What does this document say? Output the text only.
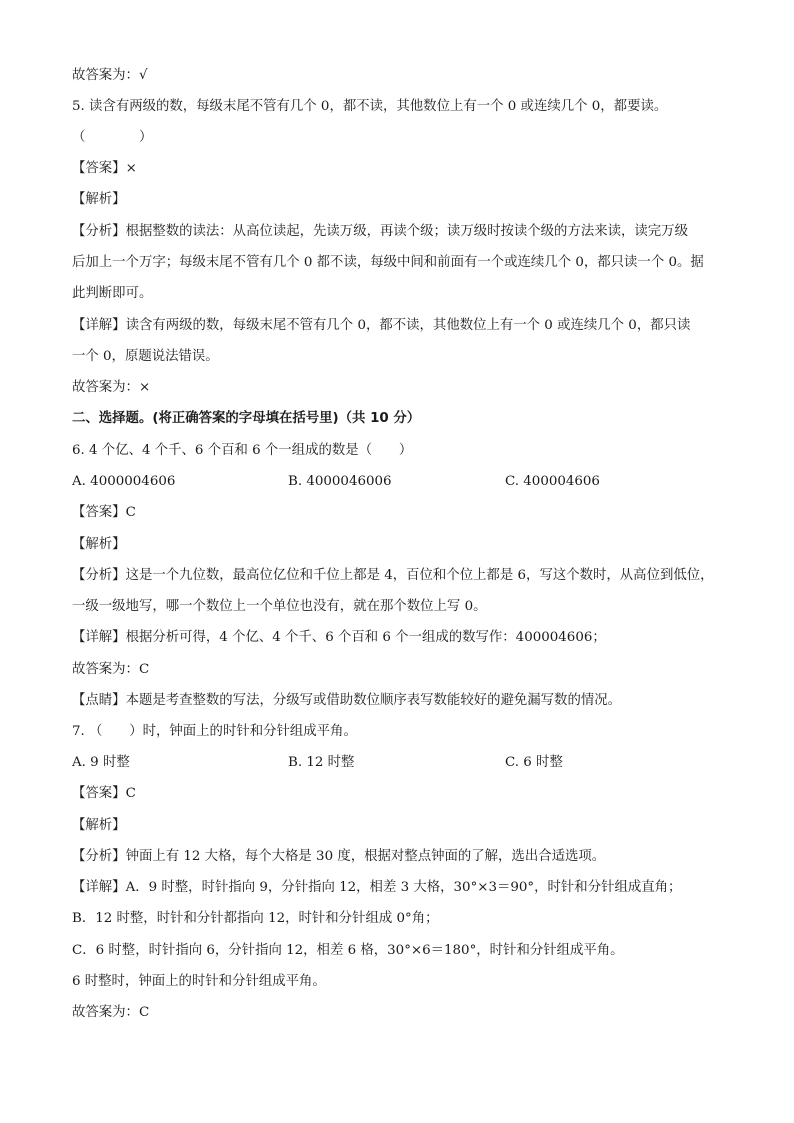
故答案为：√

5. 读含有两级的数，每级末尾不管有几个 0，都不读，其他数位上有一个 0 或连续几个 0，都要读。

（　　　　）

【答案】×

【解析】

【分析】根据整数的读法：从高位读起，先读万级，再读个级；读万级时按读个级的方法来读，读完万级

后加上一个万字；每级末尾不管有几个 0 都不读，每级中间和前面有一个或连续几个 0，都只读一个 0。据

此判断即可。

【详解】读含有两级的数，每级末尾不管有几个 0，都不读，其他数位上有一个 0 或连续几个 0，都只读

一个 0，原题说法错误。

故答案为：×

二、选择题。(将正确答案的字母填在括号里)（共 10 分）

6. 4 个亿、4 个千、6 个百和 6 个一组成的数是（　　）

A. 4000004606	B. 4000046006	C. 400004606

【答案】C

【解析】

【分析】这是一个九位数，最高位亿位和千位上都是 4，百位和个位上都是 6，写这个数时，从高位到低位，

一级一级地写，哪一个数位上一个单位也没有，就在那个数位上写 0。

【详解】根据分析可得，4 个亿、4 个千、6 个百和 6 个一组成的数写作：400004606；

故答案为：C

【点睛】本题是考查整数的写法，分级写或借助数位顺序表写数能较好的避免漏写数的情况。

7. （　　）时，钟面上的时针和分针组成平角。

A. 9 时整	B. 12 时整	C. 6 时整

【答案】C

【解析】

【分析】钟面上有 12 大格，每个大格是 30 度，根据对整点钟面的了解，选出合适选项。

【详解】A．9 时整，时针指向 9，分针指向 12，相差 3 大格，30°×3＝90°，时针和分针组成直角；

B．12 时整，时针和分针都指向 12，时针和分针组成 0°角；

C．6 时整，时针指向 6，分针指向 12，相差 6 格，30°×6＝180°，时针和分针组成平角。

6 时整时，钟面上的时针和分针组成平角。

故答案为：C
